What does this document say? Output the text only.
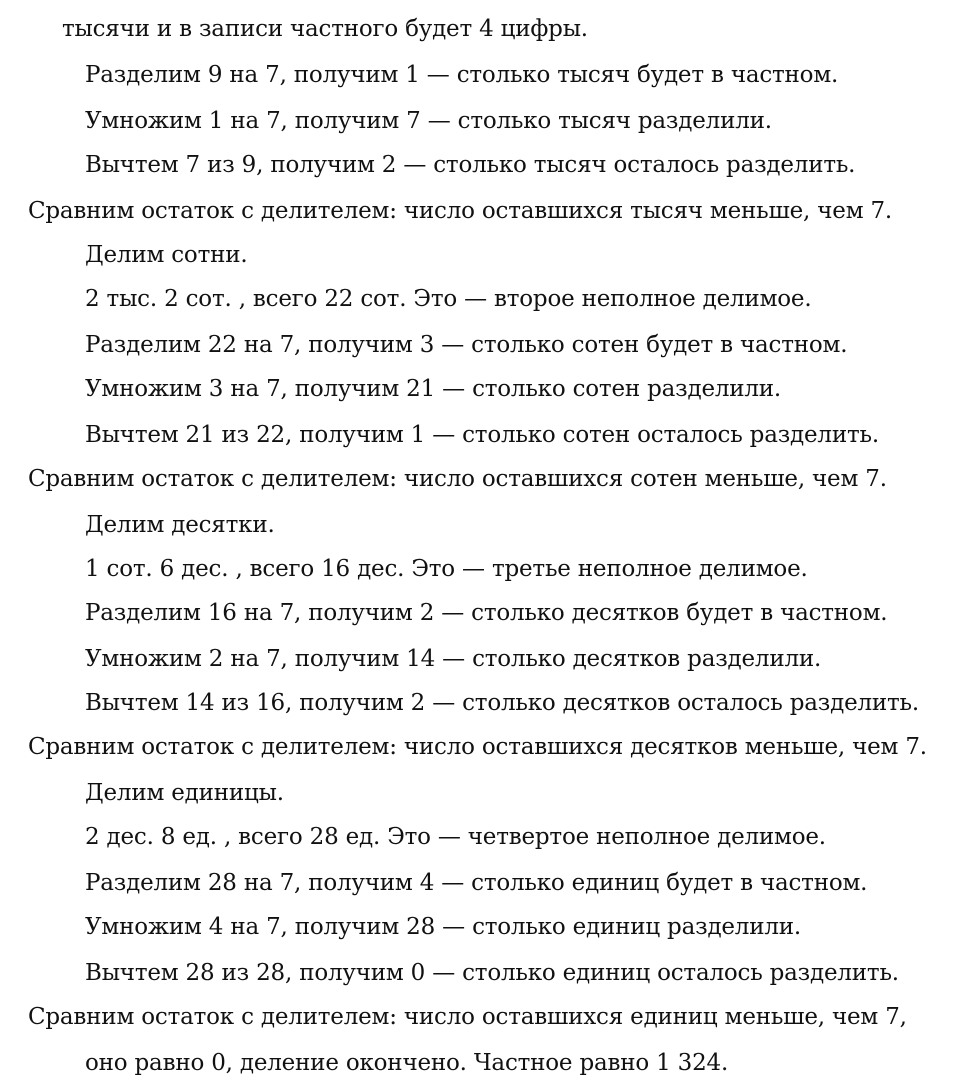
тысячи и в записи частного будет 4 цифры.
Разделим 9 на 7, получим 1 — столько тысяч будет в частном.
Умножим 1 на 7, получим 7 — столько тысяч разделили.
Вычтем 7 из 9, получим 2 — столько тысяч осталось разделить.
Сравним остаток с делителем: число оставшихся тысяч меньше, чем 7.
Делим сотни.
2 тыс. 2 сот. , всего 22 сот. Это — второе неполное делимое.
Разделим 22 на 7, получим 3 — столько сотен будет в частном.
Умножим 3 на 7, получим 21 — столько сотен разделили.
Вычтем 21 из 22, получим 1 — столько сотен осталось разделить.
Сравним остаток с делителем: число оставшихся сотен меньше, чем 7.
Делим десятки.
1 сот. 6 дес. , всего 16 дес. Это — третье неполное делимое.
Разделим 16 на 7, получим 2 — столько десятков будет в частном.
Умножим 2 на 7, получим 14 — столько десятков разделили.
Вычтем 14 из 16, получим 2 — столько десятков осталось разделить.
Сравним остаток с делителем: число оставшихся десятков меньше, чем 7.
Делим единицы.
2 дес. 8 ед. , всего 28 ед. Это — четвертое неполное делимое.
Разделим 28 на 7, получим 4 — столько единиц будет в частном.
Умножим 4 на 7, получим 28 — столько единиц разделили.
Вычтем 28 из 28, получим 0 — столько единиц осталось разделить.
Сравним остаток с делителем: число оставшихся единиц меньше, чем 7,
оно равно 0, деление окончено. Частное равно 1 324.
